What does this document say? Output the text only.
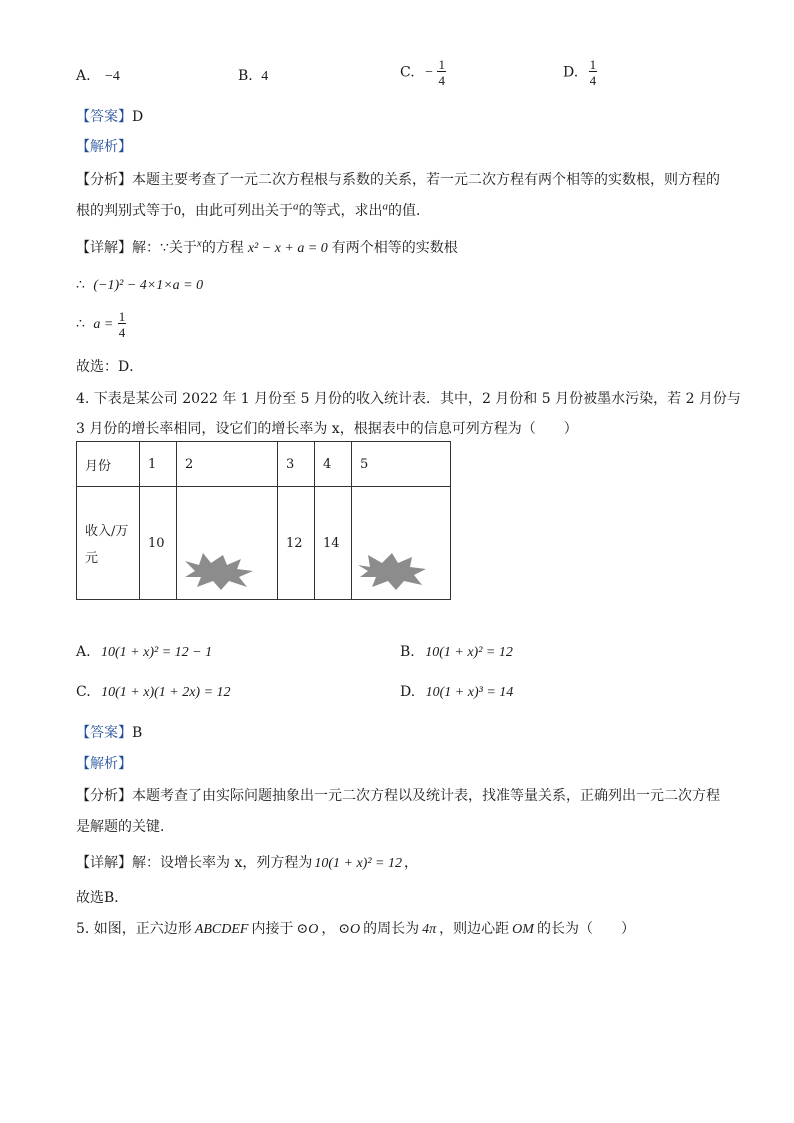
A. −4	B. 4	C. − $\frac{1}{4}$	D. $\frac{1}{4}$
【答案】D
【解析】
【分析】本题主要考查了一元二次方程根与系数的关系，若一元二次方程有两个相等的实数根，则方程的
根的判别式等于0，由此可列出关于$^a$的等式，求出$^a$的值．
【详解】解：∵关于$^x$的方程 x² − x + a = 0 有两个相等的实数根
∴ (−1)² − 4×1×a = 0
∴ $a = \frac{1}{4}$
故选：D．
4. 下表是某公司 2022 年 1 月份至 5 月份的收入统计表．其中，2 月份和 5 月份被墨水污染，若 2 月份与
3 月份的增长率相同，设它们的增长率为 x，根据表中的信息可列方程为（　　）
月份	1	2	3	4	5

收入/万
元	10		12	14	
A. 10(1 + x)² = 12 − 1	B. 10(1 + x)² = 12
C. 10(1 + x)(1 + 2x) = 12	D. 10(1 + x)³ = 14
【答案】B
【解析】
【分析】本题考查了由实际问题抽象出一元二次方程以及统计表，找准等量关系，正确列出一元二次方程
是解题的关键．
【详解】解：设增长率为 x，列方程为 10(1 + x)² = 12 ，
故选B．
5. 如图，正六边形 ABCDEF 内接于 ⊙O ， ⊙O 的周长为 4π ，则边心距 OM 的长为（　　）
